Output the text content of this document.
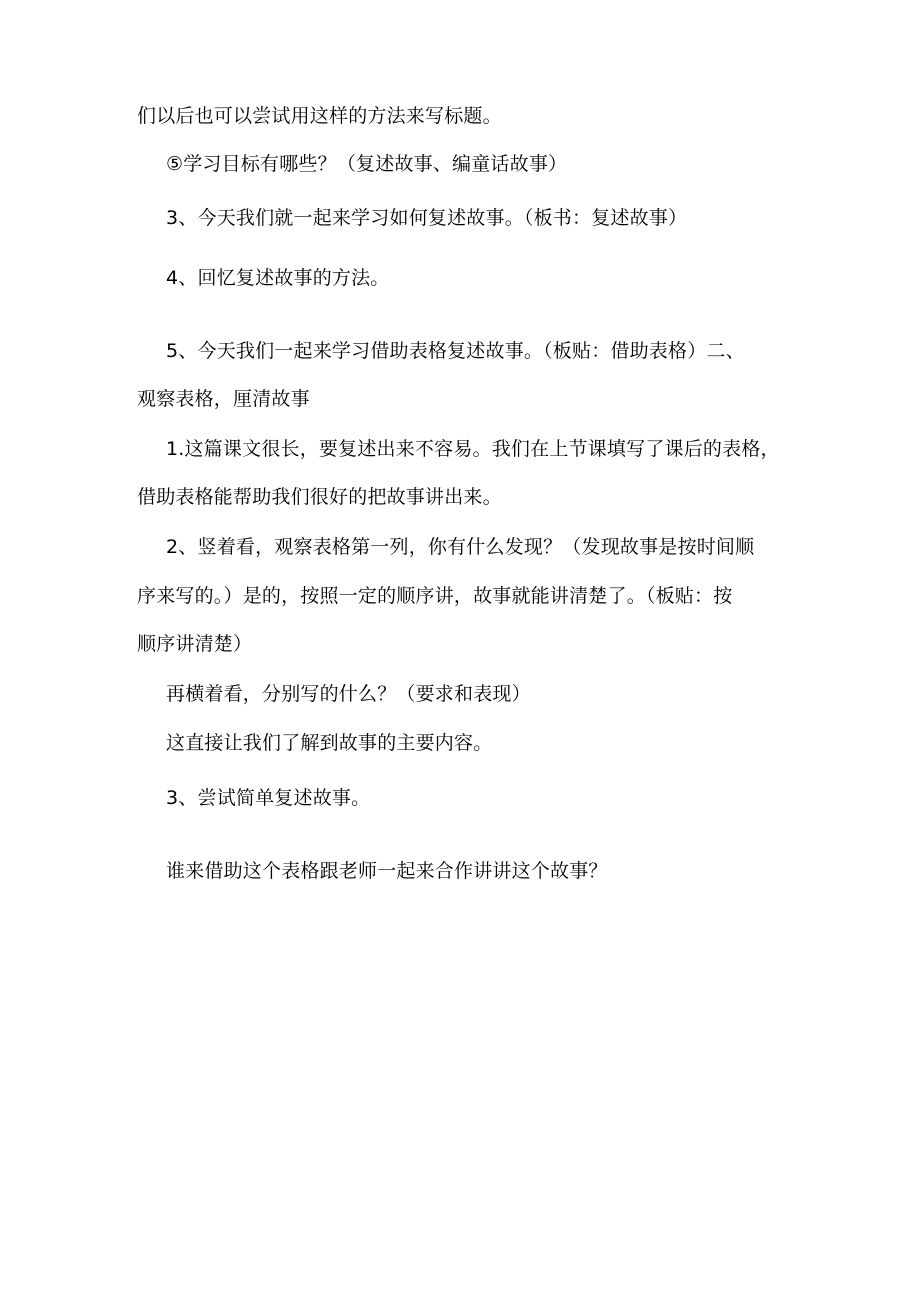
们以后也可以尝试用这样的方法来写标题。
⑤学习目标有哪些？（复述故事、编童话故事）
3、今天我们就一起来学习如何复述故事。（板书：复述故事）
4、回忆复述故事的方法。
5、今天我们一起来学习借助表格复述故事。（板贴：借助表格）二、
观察表格，厘清故事
1.这篇课文很长，要复述出来不容易。我们在上节课填写了课后的表格，
借助表格能帮助我们很好的把故事讲出来。
2、竖着看，观察表格第一列，你有什么发现？（发现故事是按时间顺
序来写的。）是的，按照一定的顺序讲，故事就能讲清楚了。（板贴：按
顺序讲清楚）
再横着看，分别写的什么？（要求和表现）
这直接让我们了解到故事的主要内容。
3、尝试简单复述故事。
谁来借助这个表格跟老师一起来合作讲讲这个故事？
